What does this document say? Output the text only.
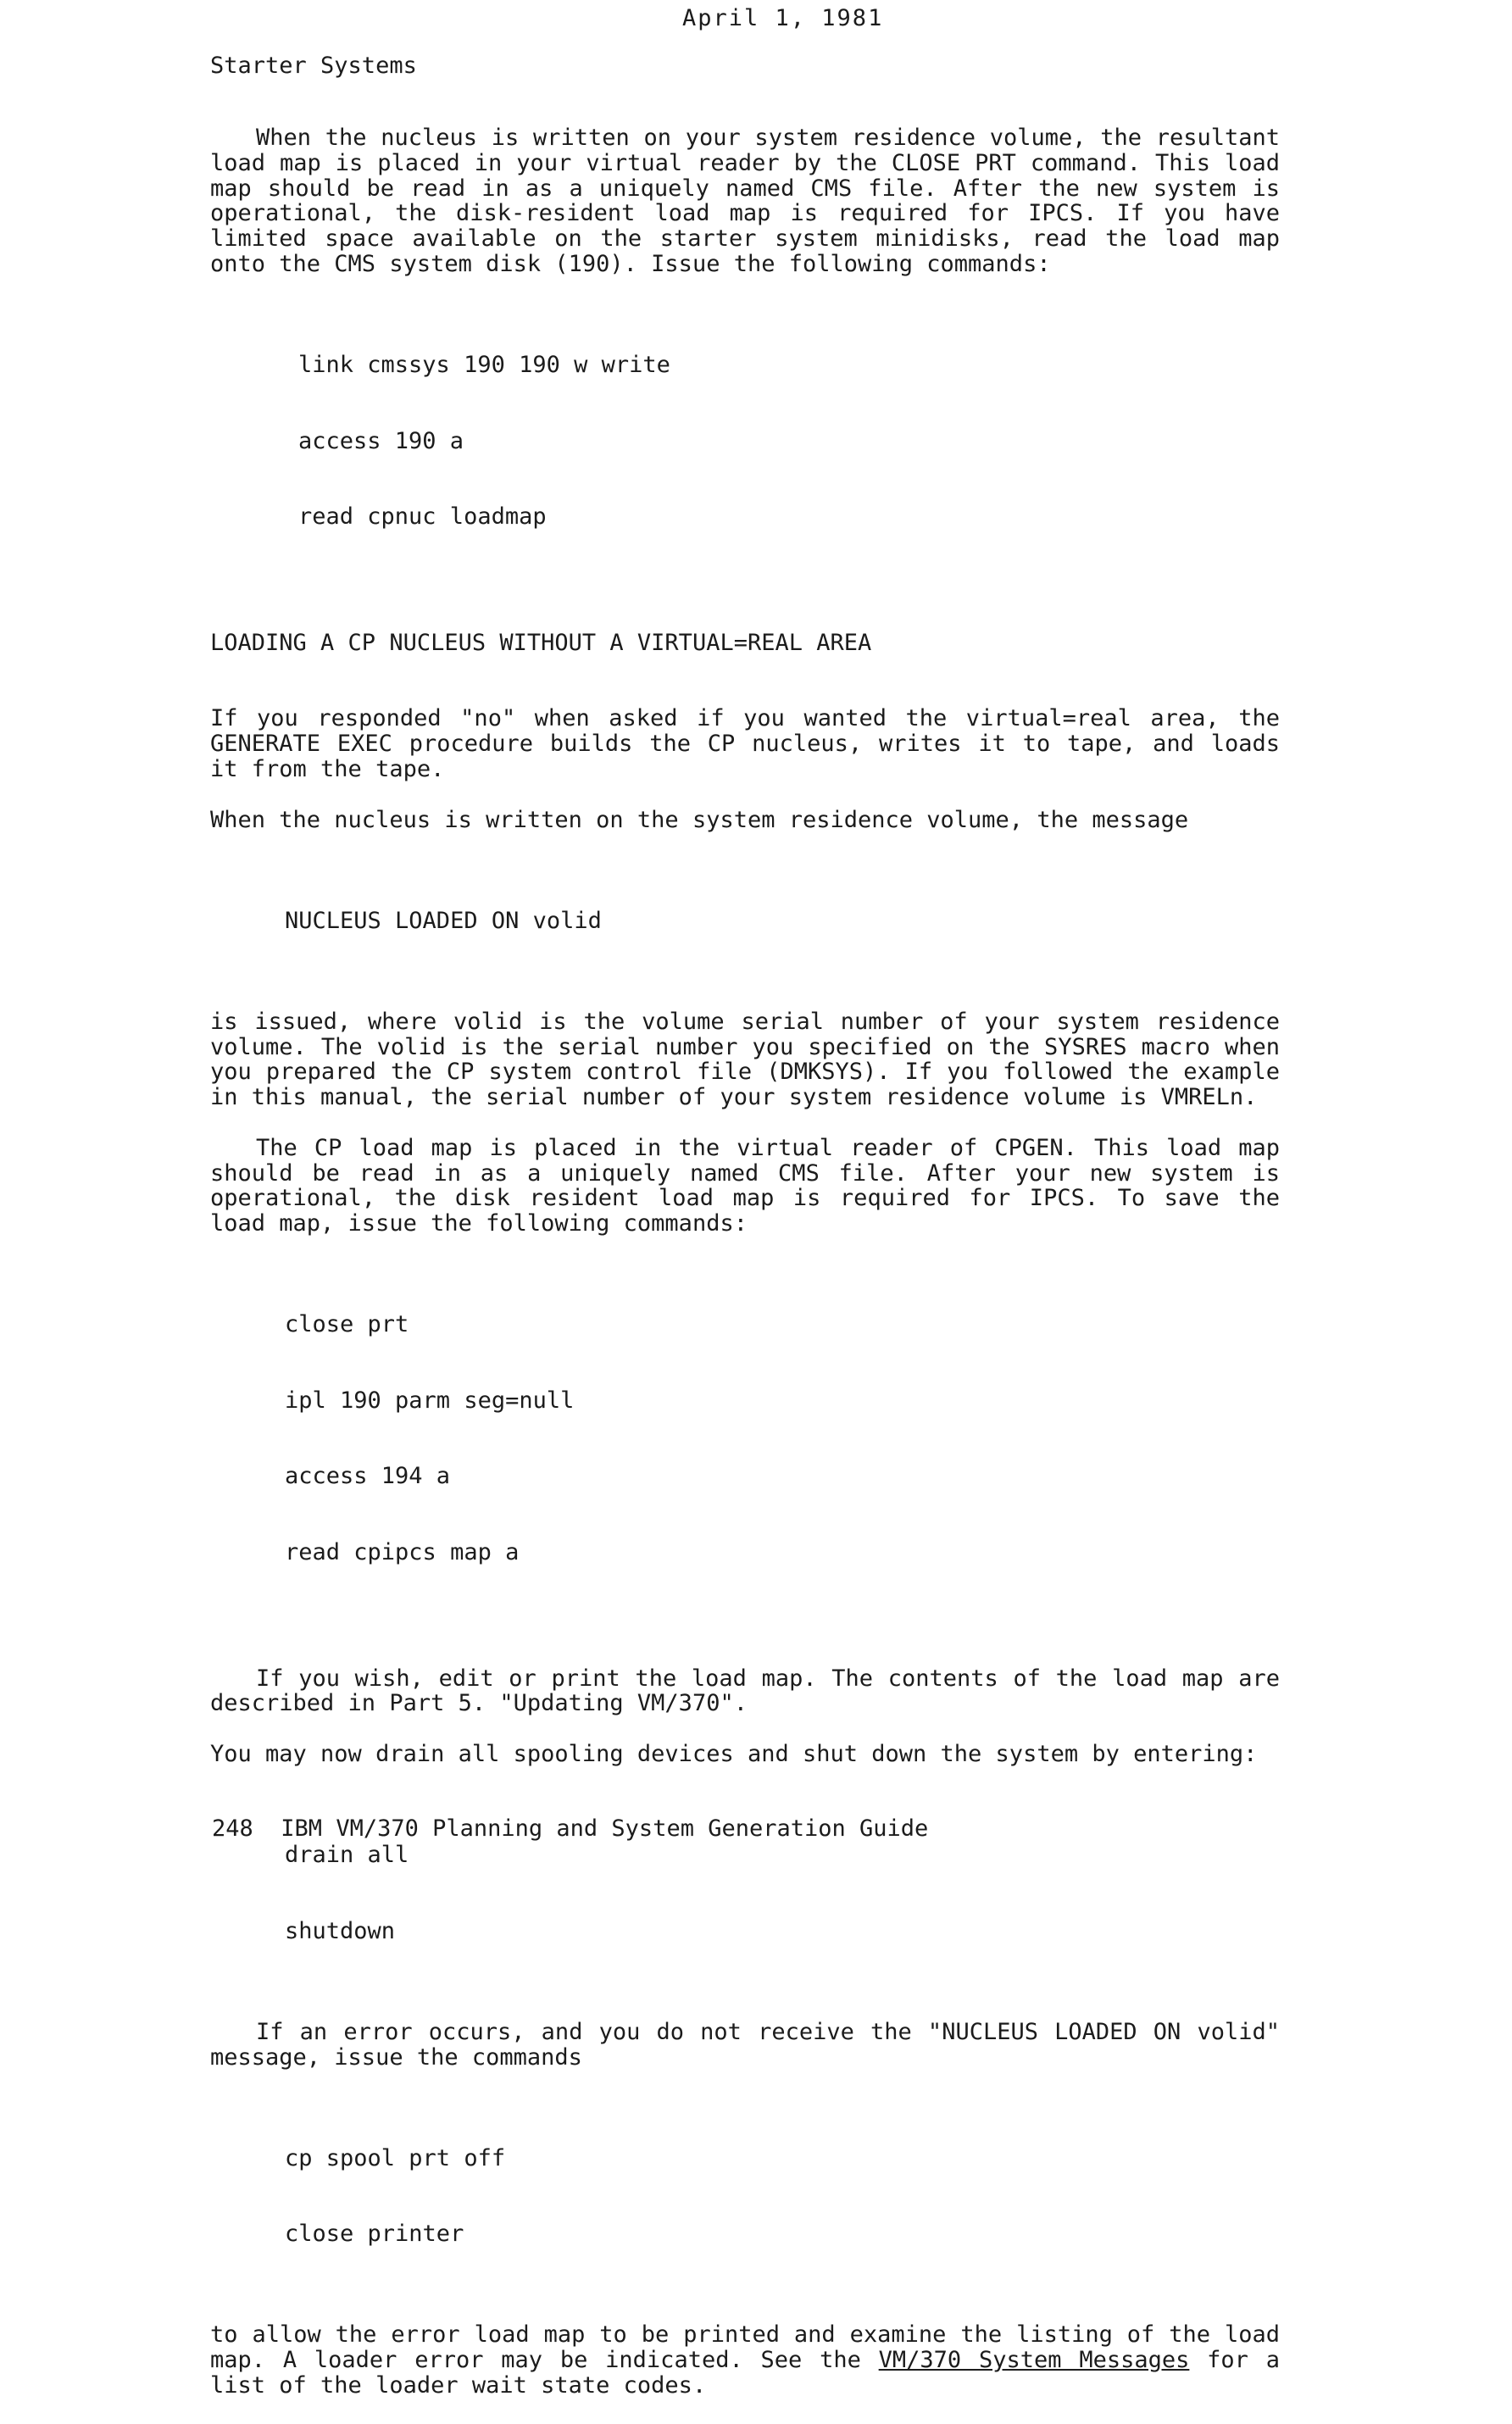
April 1, 1981
Starter Systems

When the nucleus is written on your system residence volume, the resultant load map is placed in your virtual reader by the CLOSE PRT command. This load map should be read in as a uniquely named CMS file. After the new system is operational, the disk-resident load map is required for IPCS. If you have limited space available on the starter system minidisks, read the load map onto the CMS system disk (190). Issue the following commands:

link cmssys 190 190 w write

access 190 a

read cpnuc loadmap

LOADING A CP NUCLEUS WITHOUT A VIRTUAL=REAL AREA

If you responded "no" when asked if you wanted the virtual=real area, the GENERATE EXEC procedure builds the CP nucleus, writes it to tape, and loads it from the tape.

When the nucleus is written on the system residence volume, the message

NUCLEUS LOADED ON volid

is issued, where volid is the volume serial number of your system residence volume. The volid is the serial number you specified on the SYSRES macro when you prepared the CP system control file (DMKSYS). If you followed the example in this manual, the serial number of your system residence volume is VMRELn.

The CP load map is placed in the virtual reader of CPGEN. This load map should be read in as a uniquely named CMS file. After your new system is operational, the disk resident load map is required for IPCS. To save the load map, issue the following commands:

close prt

ipl 190 parm seg=null

access 194 a

read cpipcs map a

If you wish, edit or print the load map. The contents of the load map are described in Part 5. "Updating VM/370".

You may now drain all spooling devices and shut down the system by entering:

drain all

shutdown

If an error occurs, and you do not receive the "NUCLEUS LOADED ON volid" message, issue the commands

cp spool prt off

close printer

to allow the error load map to be printed and examine the listing of the load map. A loader error may be indicated. See the VM/370 System Messages for a list of the loader wait state codes.

248 IBM VM/370 Planning and System Generation Guide
